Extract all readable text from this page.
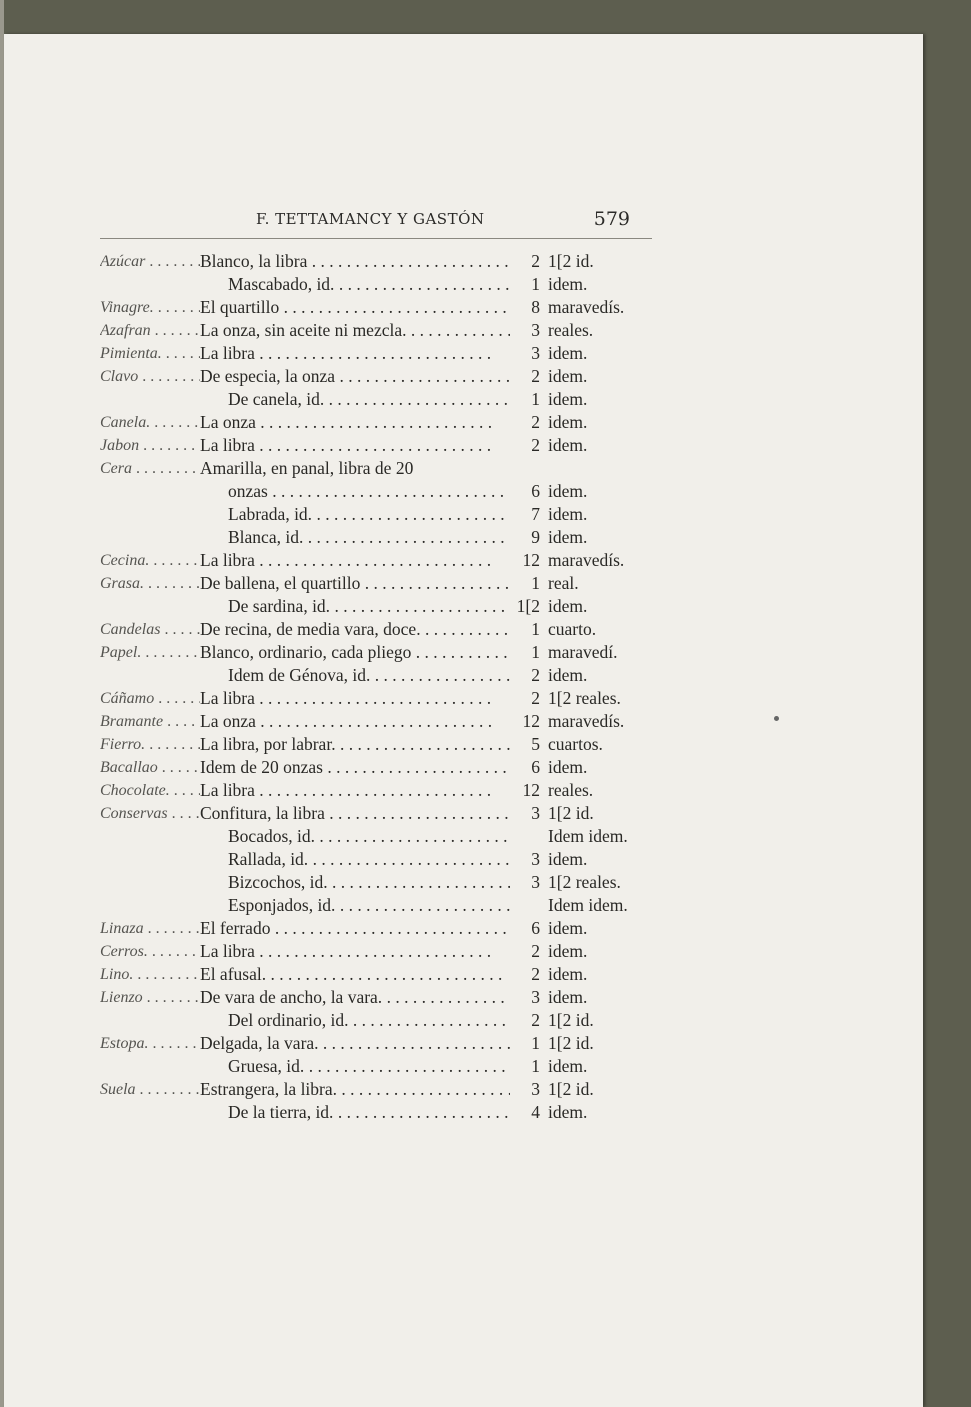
F. TETTAMANCY Y GASTÓN	579
Azúcar . . .	Blanco, la libra . . .	2 1[2 id.
Mascabado, id. . . .	1 idem.
Vinagre. . . .	El quartillo . . .	8 maravedís.
Azafran . . .	La onza, sin aceite ni mezcla. . . .	3 reales.
Pimienta. . . .	La libra . . .	3 idem.
Clavo . . .	De especia, la onza . . .	2 idem.
De canela, id. . . .	1 idem.
Canela. . . .	La onza . . .	2 idem.
Jabon . . .	La libra . . .	2 idem.
Cera . . .	Amarilla, en panal, libra de 20
onzas . . .	6 idem.
Labrada, id. . . .	7 idem.
Blanca, id. . . .	9 idem.
Cecina. . . .	La libra . . .	12 maravedís.
Grasa. . . .	De ballena, el quartillo . . .	1 real.
De sardina, id. . . .	1[2 idem.
Candelas . . .	De recina, de media vara, doce. . . .	1 cuarto.
Papel. . . .	Blanco, ordinario, cada pliego . . .	1 maravedí.
Idem de Génova, id. . . .	2 idem.
Cáñamo . . .	La libra . . .	2 1[2 reales.
Bramante . . .	La onza . . .	12 maravedís.
Fierro. . . .	La libra, por labrar. . . .	5 cuartos.
Bacallao . . .	Idem de 20 onzas . . .	6 idem.
Chocolate. . . .	La libra . . .	12 reales.
Conservas . . .	Confitura, la libra . . .	3 1[2 id.
Bocados, id. . . .	Idem idem.
Rallada, id. . . .	3 idem.
Bizcochos, id. . . .	3 1[2 reales.
Esponjados, id. . . .	Idem idem.
Linaza . . .	El ferrado . . .	6 idem.
Cerros. . . .	La libra . . .	2 idem.
Lino. . . .	El afusal. . . .	2 idem.
Lienzo . . .	De vara de ancho, la vara. . . .	3 idem.
Del ordinario, id. . . .	2 1[2 id.
Estopa. . . .	Delgada, la vara. . . .	1 1[2 id.
Gruesa, id. . . .	1 idem.
Suela . . .	Estrangera, la libra. . . .	3 1[2 id.
De la tierra, id. . . .	4 idem.
